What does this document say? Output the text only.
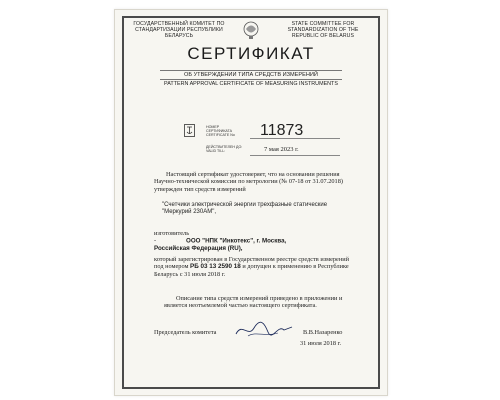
ГОСУДАРСТВЕННЫЙ КОМИТЕТ ПО СТАНДАРТИЗАЦИИ РЕСПУБЛИКИ БЕЛАРУСЬ
STATE COMMITTEE FOR STANDARDIZATION OF THE REPUBLIC OF BELARUS
СЕРТИФИКАТ
ОБ УТВЕРЖДЕНИИ ТИПА СРЕДСТВ ИЗМЕРЕНИЙ
PATTERN APPROVAL CERTIFICATE OF MEASURING INSTRUMENTS
НОМЕР СЕРТИФИКАТА CERTIFICATE No	11873
ДЕЙСТВИТЕЛЕН ДО: VALID TILL:	7 мая 2023 г.
Настоящий сертификат удостоверяет, что на основании решения Научно-технической комиссии по метрологии (№ 07-18 от 31.07.2018) утвержден тип средств измерений
"Счетчики электрической энергии трехфазные статические "Меркурий 230АМ",
изготовитель -	ООО "НПК "Инкотекс", г. Москва,
Российская Федерация (RU),
который зарегистрирован в Государственном реестре средств измерений под номером РБ 03 13 2590 18 и допущен к применению в Республике Беларусь с 31 июля 2018 г.
Описание типа средств измерений приведено в приложении и является неотъемлемой частью настоящего сертификата.
Председатель комитета	В.В.Назаренко
31 июля 2018 г.
